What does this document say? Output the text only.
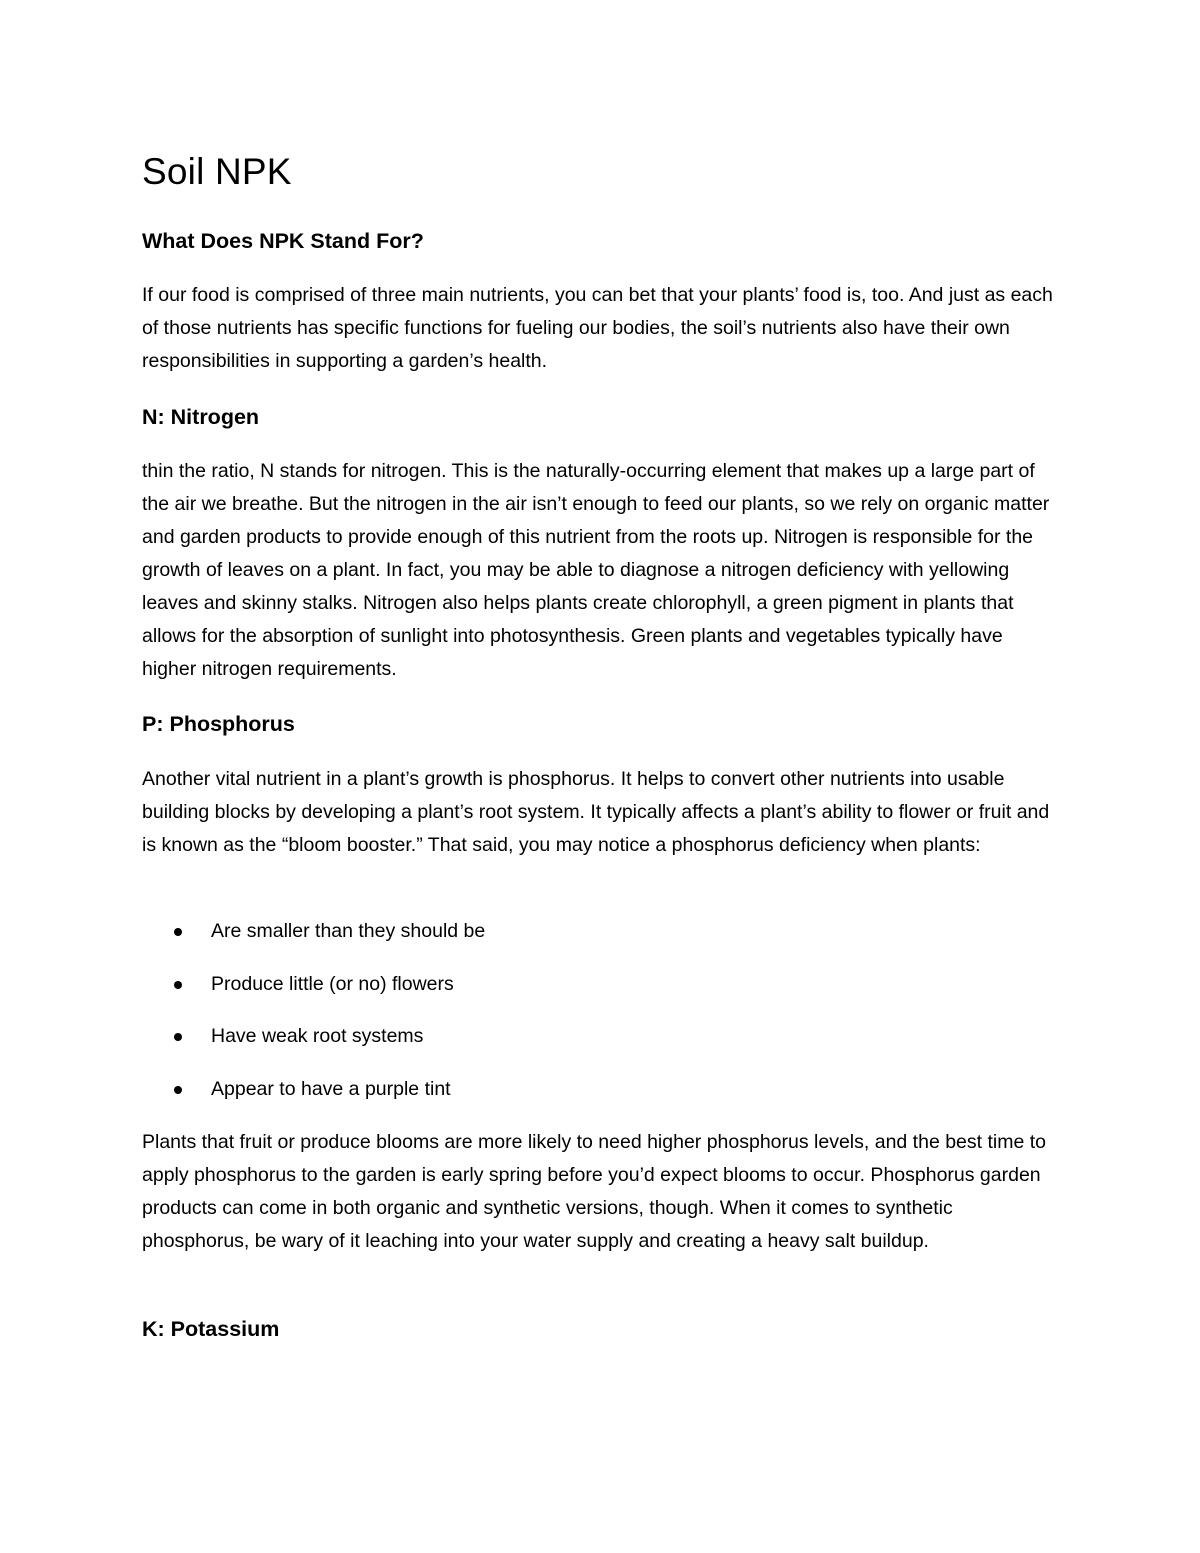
Soil NPK
What Does NPK Stand For?

If our food is comprised of three main nutrients, you can bet that your plants’ food is, too. And just as each of those nutrients has specific functions for fueling our bodies, the soil’s nutrients also have their own responsibilities in supporting a garden’s health.

N: Nitrogen

thin the ratio, N stands for nitrogen. This is the naturally-occurring element that makes up a large part of the air we breathe. But the nitrogen in the air isn’t enough to feed our plants, so we rely on organic matter and garden products to provide enough of this nutrient from the roots up. Nitrogen is responsible for the growth of leaves on a plant. In fact, you may be able to diagnose a nitrogen deficiency with yellowing leaves and skinny stalks. Nitrogen also helps plants create chlorophyll, a green pigment in plants that allows for the absorption of sunlight into photosynthesis. Green plants and vegetables typically have higher nitrogen requirements.

P: Phosphorus

Another vital nutrient in a plant’s growth is phosphorus. It helps to convert other nutrients into usable building blocks by developing a plant’s root system. It typically affects a plant’s ability to flower or fruit and is known as the “bloom booster.” That said, you may notice a phosphorus deficiency when plants:

Are smaller than they should be
Produce little (or no) flowers
Have weak root systems
Appear to have a purple tint

Plants that fruit or produce blooms are more likely to need higher phosphorus levels, and the best time to apply phosphorus to the garden is early spring before you’d expect blooms to occur. Phosphorus garden products can come in both organic and synthetic versions, though. When it comes to synthetic phosphorus, be wary of it leaching into your water supply and creating a heavy salt buildup.

K: Potassium
